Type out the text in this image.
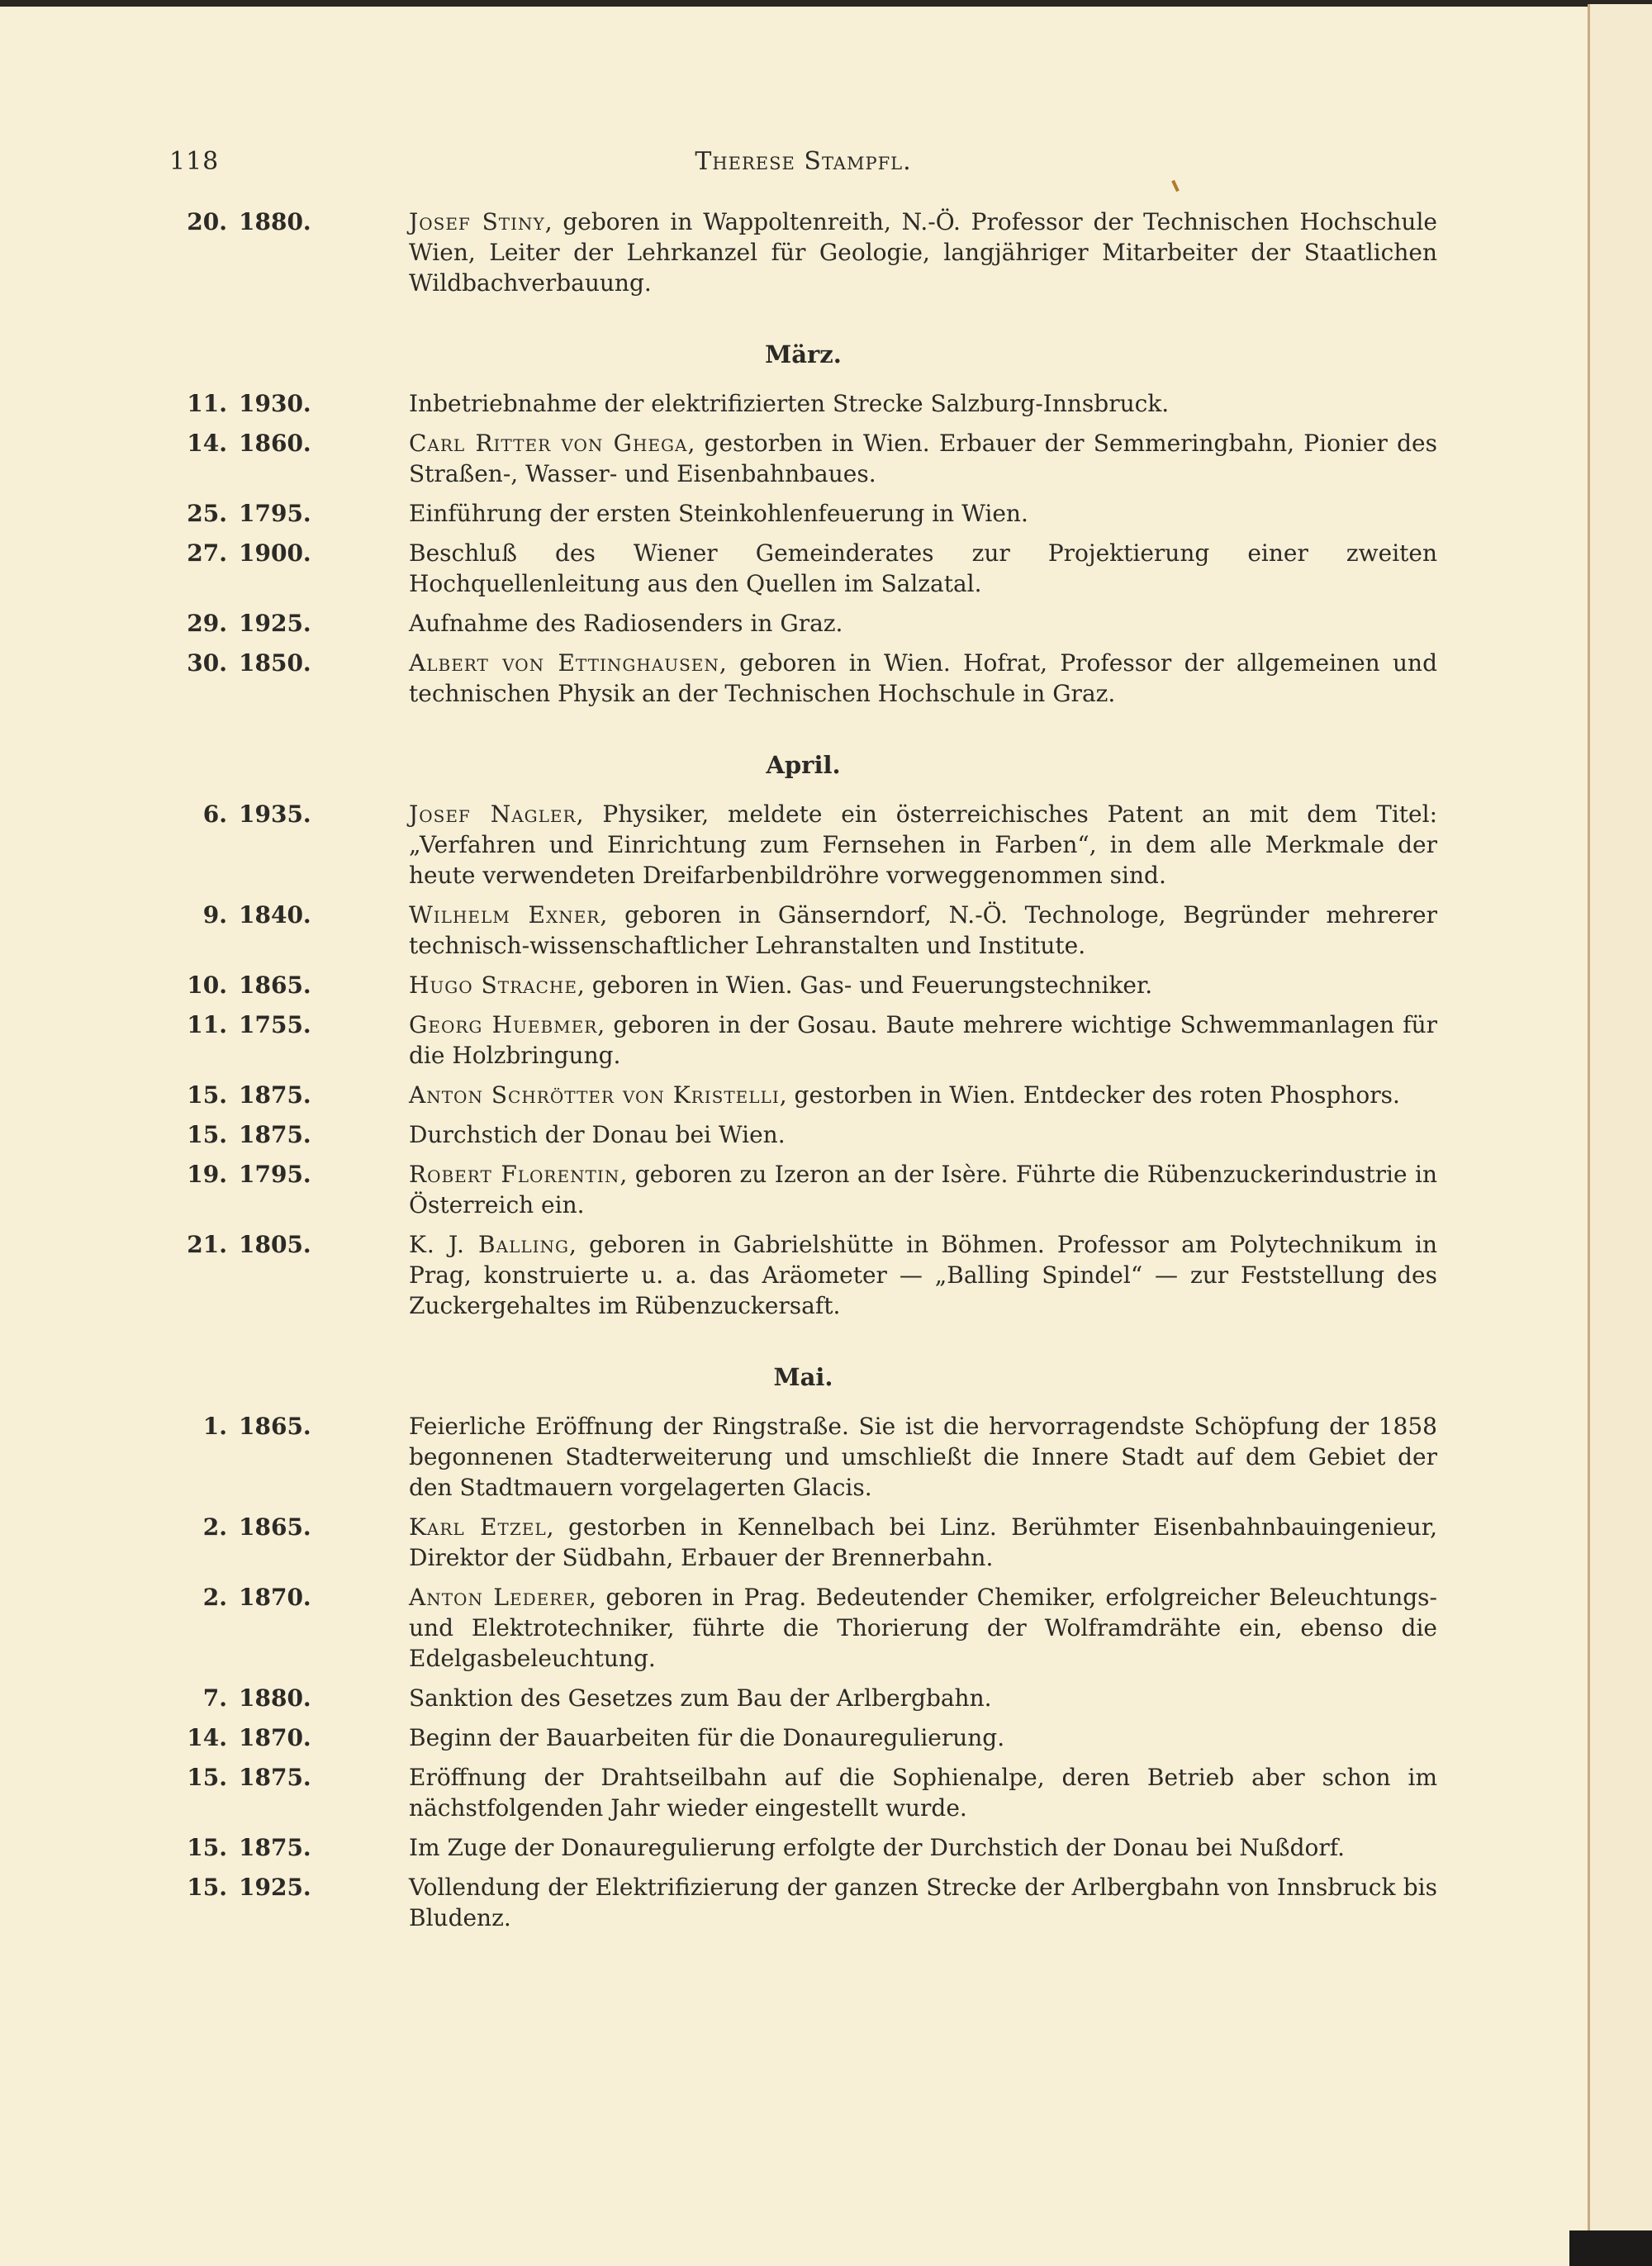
118	Therese Stampfl.
20. 1880.	Josef Stiny, geboren in Wappoltenreith, N.-Ö. Professor der Technischen Hochschule Wien, Leiter der Lehrkanzel für Geologie, langjähriger Mitarbeiter der Staatlichen Wildbachverbauung.
März.
11. 1930.	Inbetriebnahme der elektrifizierten Strecke Salzburg-Innsbruck.
14. 1860.	Carl Ritter von Ghega, gestorben in Wien. Erbauer der Semmeringbahn, Pionier des Straßen-, Wasser- und Eisenbahnbaues.
25. 1795.	Einführung der ersten Steinkohlenfeuerung in Wien.
27. 1900.	Beschluß des Wiener Gemeinderates zur Projektierung einer zweiten Hochquellenleitung aus den Quellen im Salzatal.
29. 1925.	Aufnahme des Radiosenders in Graz.
30. 1850.	Albert von Ettinghausen, geboren in Wien. Hofrat, Professor der allgemeinen und technischen Physik an der Technischen Hochschule in Graz.
April.
6. 1935.	Josef Nagler, Physiker, meldete ein österreichisches Patent an mit dem Titel: „Verfahren und Einrichtung zum Fernsehen in Farben“, in dem alle Merkmale der heute verwendeten Dreifarbenbildröhre vorweggenommen sind.
9. 1840.	Wilhelm Exner, geboren in Gänserndorf, N.-Ö. Technologe, Begründer mehrerer technisch-wissenschaftlicher Lehranstalten und Institute.
10. 1865.	Hugo Strache, geboren in Wien. Gas- und Feuerungstechniker.
11. 1755.	Georg Huebmer, geboren in der Gosau. Baute mehrere wichtige Schwemmanlagen für die Holzbringung.
15. 1875.	Anton Schrötter von Kristelli, gestorben in Wien. Entdecker des roten Phosphors.
15. 1875.	Durchstich der Donau bei Wien.
19. 1795.	Robert Florentin, geboren zu Izeron an der Isère. Führte die Rübenzuckerindustrie in Österreich ein.
21. 1805.	K. J. Balling, geboren in Gabrielshütte in Böhmen. Professor am Polytechnikum in Prag, konstruierte u. a. das Aräometer — „Balling Spindel“ — zur Feststellung des Zuckergehaltes im Rübenzuckersaft.
Mai.
1. 1865.	Feierliche Eröffnung der Ringstraße. Sie ist die hervorragendste Schöpfung der 1858 begonnenen Stadterweiterung und umschließt die Innere Stadt auf dem Gebiet der den Stadtmauern vorgelagerten Glacis.
2. 1865.	Karl Etzel, gestorben in Kennelbach bei Linz. Berühmter Eisenbahnbauingenieur, Direktor der Südbahn, Erbauer der Brennerbahn.
2. 1870.	Anton Lederer, geboren in Prag. Bedeutender Chemiker, erfolgreicher Beleuchtungs- und Elektrotechniker, führte die Thorierung der Wolframdrähte ein, ebenso die Edelgasbeleuchtung.
7. 1880.	Sanktion des Gesetzes zum Bau der Arlbergbahn.
14. 1870.	Beginn der Bauarbeiten für die Donauregulierung.
15. 1875.	Eröffnung der Drahtseilbahn auf die Sophienalpe, deren Betrieb aber schon im nächstfolgenden Jahr wieder eingestellt wurde.
15. 1875.	Im Zuge der Donauregulierung erfolgte der Durchstich der Donau bei Nußdorf.
15. 1925.	Vollendung der Elektrifizierung der ganzen Strecke der Arlbergbahn von Innsbruck bis Bludenz.
